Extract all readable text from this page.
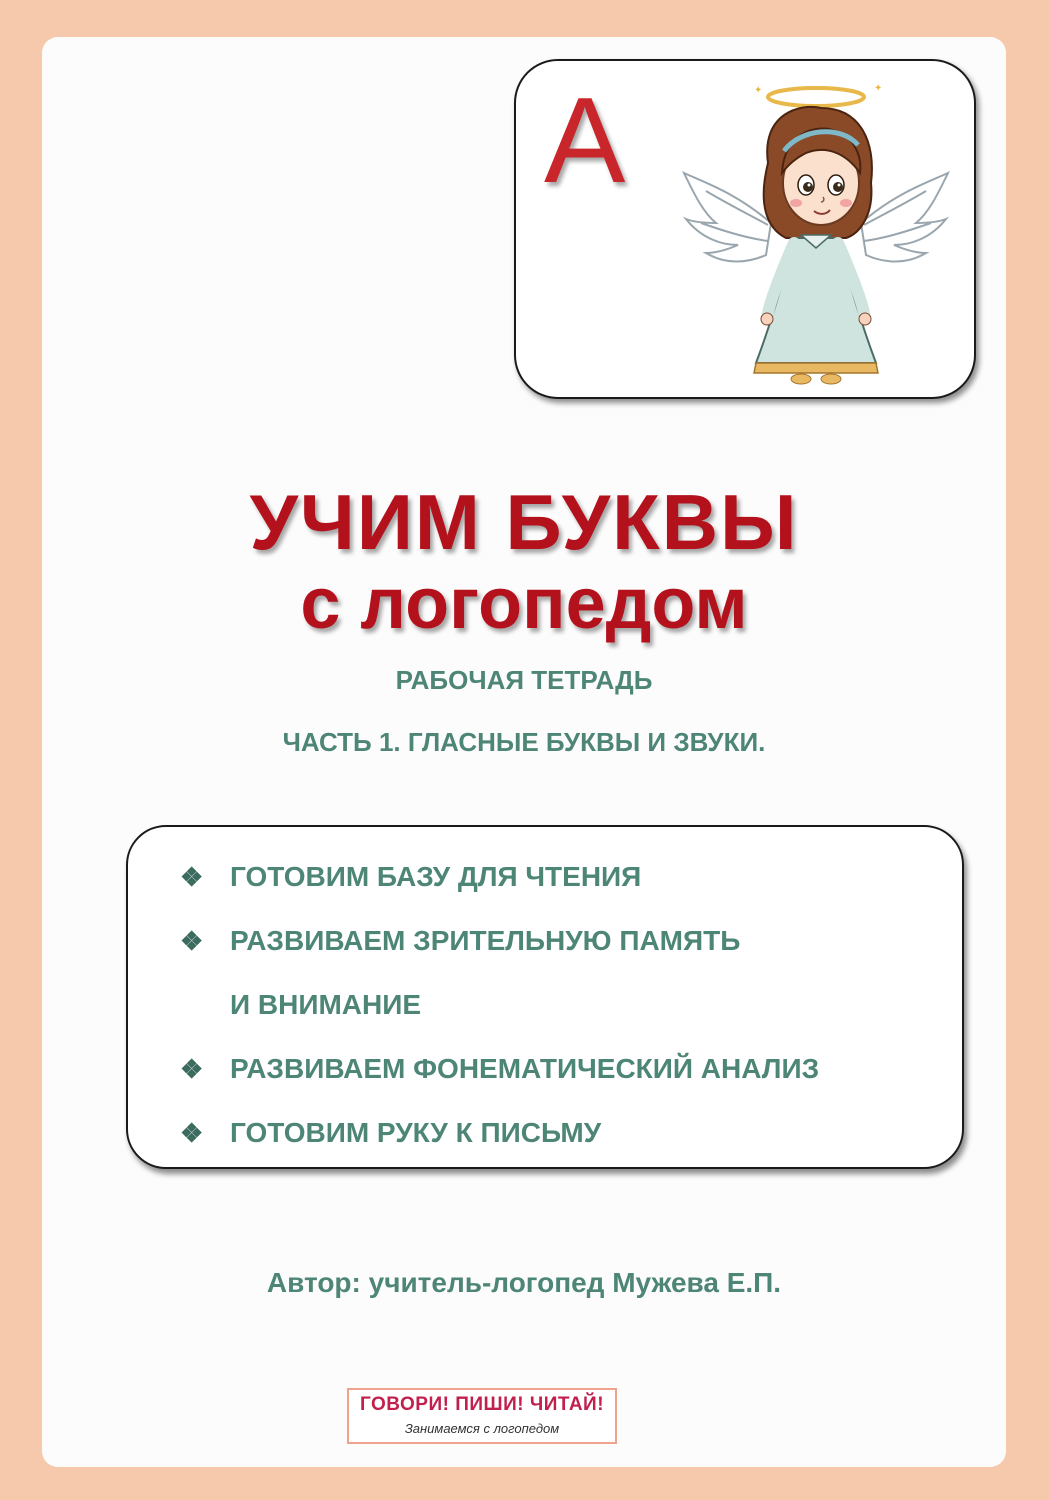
А	✦	✦
УЧИМ БУКВЫ
с логопедом
РАБОЧАЯ ТЕТРАДЬ
ЧАСТЬ 1. ГЛАСНЫЕ БУКВЫ И ЗВУКИ.
❖ ГОТОВИМ БАЗУ ДЛЯ ЧТЕНИЯ
❖ РАЗВИВАЕМ ЗРИТЕЛЬНУЮ ПАМЯТЬ
И ВНИМАНИЕ
❖ РАЗВИВАЕМ ФОНЕМАТИЧЕСКИЙ АНАЛИЗ
❖ ГОТОВИМ РУКУ К ПИСЬМУ
Автор: учитель-логопед Мужева Е.П.
ГОВОРИ! ПИШИ! ЧИТАЙ!
Занимаемся с логопедом
